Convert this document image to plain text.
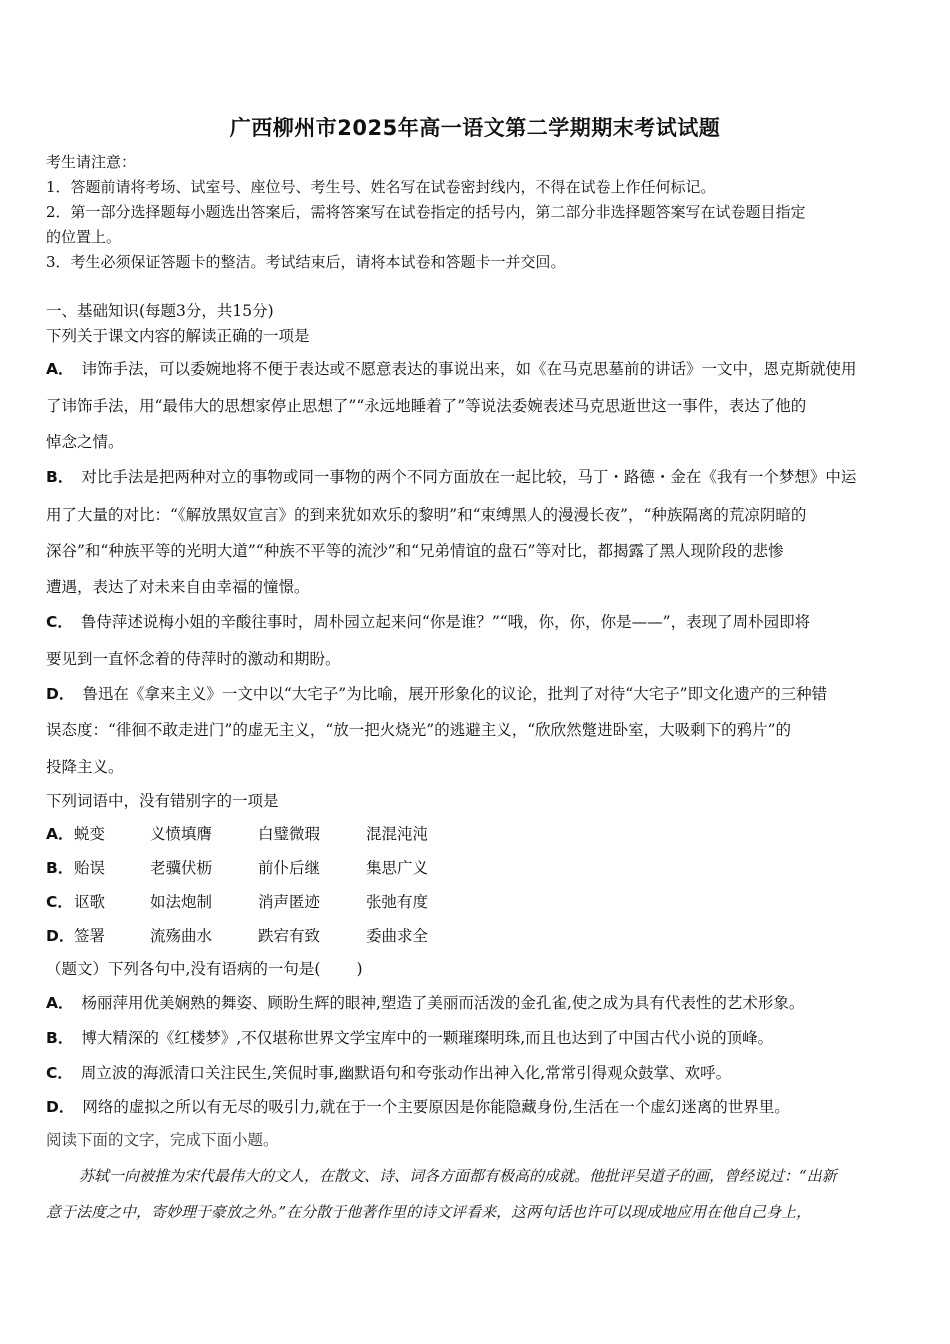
广西柳州市2025年高一语文第二学期期末考试试题
考生请注意：
1．答题前请将考场、试室号、座位号、考生号、姓名写在试卷密封线内，不得在试卷上作任何标记。
2．第一部分选择题每小题选出答案后，需将答案写在试卷指定的括号内，第二部分非选择题答案写在试卷题目指定
的位置上。
3．考生必须保证答题卡的整洁。考试结束后，请将本试卷和答题卡一并交回。
一、基础知识(每题3分，共15分)
下列关于课文内容的解读正确的一项是
A． 讳饰手法，可以委婉地将不便于表达或不愿意表达的事说出来，如《在马克思墓前的讲话》一文中，恩克斯就使用
了讳饰手法，用“最伟大的思想家停止思想了”“永远地睡着了”等说法委婉表述马克思逝世这一事件，表达了他的
悼念之情。
B． 对比手法是把两种对立的事物或同一事物的两个不同方面放在一起比较，马丁・路德・金在《我有一个梦想》中运
用了大量的对比：“《解放黑奴宣言》的到来犹如欢乐的黎明”和“束缚黑人的漫漫长夜”，“种族隔离的荒凉阴暗的
深谷”和“种族平等的光明大道”“种族不平等的流沙”和“兄弟情谊的盘石”等对比，都揭露了黑人现阶段的悲惨
遭遇，表达了对未来自由幸福的憧憬。
C． 鲁侍萍述说梅小姐的辛酸往事时，周朴园立起来问“你是谁？”“哦，你，你，你是——”，表现了周朴园即将
要见到一直怀念着的侍萍时的激动和期盼。
D． 鲁迅在《拿来主义》一文中以“大宅子”为比喻，展开形象化的议论，批判了对待“大宅子”即文化遗产的三种错
误态度：“徘徊不敢走进门”的虚无主义，“放一把火烧光”的逃避主义，“欣欣然蹩进卧室，大吸剩下的鸦片”的
投降主义。
下列词语中，没有错别字的一项是
A． 蜕变	义愤填膺	白璧微瑕	混混沌沌
B． 贻误	老骥伏枥	前仆后继	集思广义
C． 讴歌	如法炮制	消声匿迹	张弛有度
D． 签署	流殇曲水	跌宕有致	委曲求全
（题文）下列各句中,没有语病的一句是( )
A． 杨丽萍用优美娴熟的舞姿、顾盼生辉的眼神,塑造了美丽而活泼的金孔雀,使之成为具有代表性的艺术形象。
B． 博大精深的《红楼梦》,不仅堪称世界文学宝库中的一颗璀璨明珠,而且也达到了中国古代小说的顶峰。
C． 周立波的海派清口关注民生,笑侃时事,幽默语句和夸张动作出神入化,常常引得观众鼓掌、欢呼。
D． 网络的虚拟之所以有无尽的吸引力,就在于一个主要原因是你能隐藏身份,生活在一个虚幻迷离的世界里。
阅读下面的文字，完成下面小题。
苏轼一向被推为宋代最伟大的文人，在散文、诗、词各方面都有极高的成就。他批评吴道子的画，曾经说过：“出新
意于法度之中，寄妙理于豪放之外。”在分散于他著作里的诗文评看来，这两句话也许可以现成地应用在他自己身上，
